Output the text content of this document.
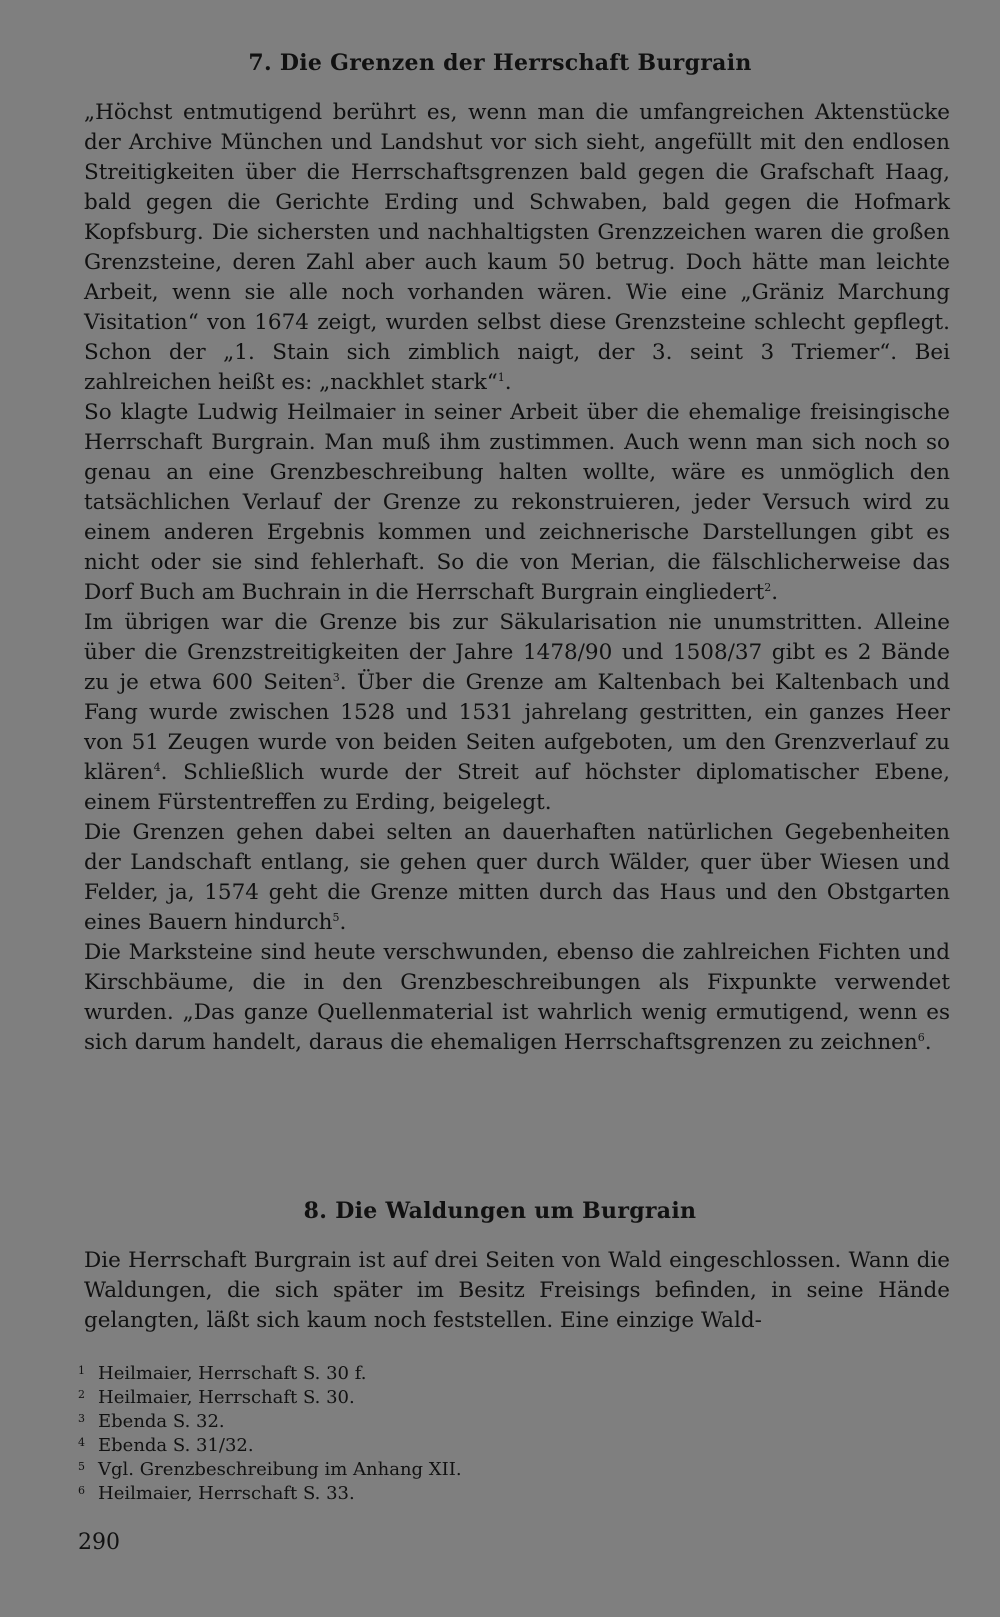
7. Die Grenzen der Herrschaft Burgrain

„Höchst entmutigend berührt es, wenn man die umfangreichen Aktenstücke der Archive München und Landshut vor sich sieht, angefüllt mit den endlosen Streitigkeiten über die Herrschaftsgrenzen bald gegen die Grafschaft Haag, bald gegen die Gerichte Erding und Schwaben, bald gegen die Hofmark Kopfsburg. Die sichersten und nachhaltigsten Grenzzeichen waren die großen Grenzsteine, deren Zahl aber auch kaum 50 betrug. Doch hätte man leichte Arbeit, wenn sie alle noch vorhanden wären. Wie eine „Gräniz Marchung Visitation“ von 1674 zeigt, wurden selbst diese Grenzsteine schlecht gepflegt. Schon der „1. Stain sich zimblich naigt, der 3. seint 3 Triemer“. Bei zahlreichen heißt es: „nackhlet stark“$^1$.

So klagte Ludwig Heilmaier in seiner Arbeit über die ehemalige freisingische Herrschaft Burgrain. Man muß ihm zustimmen. Auch wenn man sich noch so genau an eine Grenzbeschreibung halten wollte, wäre es unmöglich den tatsächlichen Verlauf der Grenze zu rekonstruieren, jeder Versuch wird zu einem anderen Ergebnis kommen und zeichnerische Darstellungen gibt es nicht oder sie sind fehlerhaft. So die von Merian, die fälschlicherweise das Dorf Buch am Buchrain in die Herrschaft Burgrain eingliedert$^2$.

Im übrigen war die Grenze bis zur Säkularisation nie unumstritten. Alleine über die Grenzstreitigkeiten der Jahre 1478/90 und 1508/37 gibt es 2 Bände zu je etwa 600 Seiten$^3$. Über die Grenze am Kaltenbach bei Kaltenbach und Fang wurde zwischen 1528 und 1531 jahrelang gestritten, ein ganzes Heer von 51 Zeugen wurde von beiden Seiten aufgeboten, um den Grenzverlauf zu klären$^4$. Schließlich wurde der Streit auf höchster diplomatischer Ebene, einem Fürstentreffen zu Erding, beigelegt.

Die Grenzen gehen dabei selten an dauerhaften natürlichen Gegebenheiten der Landschaft entlang, sie gehen quer durch Wälder, quer über Wiesen und Felder, ja, 1574 geht die Grenze mitten durch das Haus und den Obstgarten eines Bauern hindurch$^5$.

Die Marksteine sind heute verschwunden, ebenso die zahlreichen Fichten und Kirschbäume, die in den Grenzbeschreibungen als Fixpunkte verwendet wurden. „Das ganze Quellenmaterial ist wahrlich wenig ermutigend, wenn es sich darum handelt, daraus die ehemaligen Herrschaftsgrenzen zu zeichnen$^6$.

8. Die Waldungen um Burgrain

Die Herrschaft Burgrain ist auf drei Seiten von Wald eingeschlossen. Wann die Waldungen, die sich später im Besitz Freisings befinden, in seine Hände gelangten, läßt sich kaum noch feststellen. Eine einzige Wald-

1 Heilmaier, Herrschaft S. 30 f.
2 Heilmaier, Herrschaft S. 30.
3 Ebenda S. 32.
4 Ebenda S. 31/32.
5 Vgl. Grenzbeschreibung im Anhang XII.
6 Heilmaier, Herrschaft S. 33.
290
